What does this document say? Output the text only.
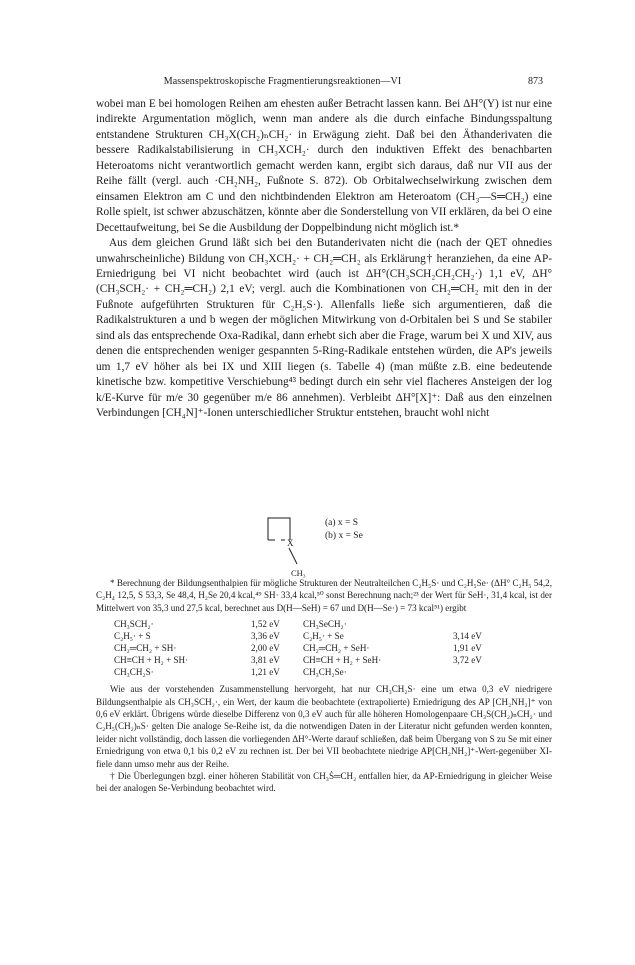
Massenspektroskopische Fragmentierungsreaktionen—VI	873

wobei man E bei homologen Reihen am ehesten außer Betracht lassen kann. Bei ΔH°(Y) ist nur eine indirekte Argumentation möglich, wenn man andere als die durch einfache Bindungsspaltung entstandene Strukturen CH₃X(CH₂)ₙCH₂· in Erwägung zieht. Daß bei den Äthanderivaten die bessere Radikalstabilisierung in CH₃XCH₂· durch den induktiven Effekt des benachbarten Heteroatoms nicht verantwortlich gemacht werden kann, ergibt sich daraus, daß nur VII aus der Reihe fällt (vergl. auch ·CH₂NH₂, Fußnote S. 872). Ob Orbitalwechselwirkung zwischen dem einsamen Elektron am C und den nichtbindenden Elektron am Heteroatom (CH₃—S═CH₂) eine Rolle spielt, ist schwer abzuschätzen, könnte aber die Sonderstellung von VII erklären, da bei O eine Decettaufweitung, bei Se die Ausbildung der Doppelbindung nicht möglich ist.*

Aus dem gleichen Grund läßt sich bei den Butanderivaten nicht die (nach der QET ohnedies unwahrscheinliche) Bildung von CH₃XCH₂· + CH₂═CH₂ als Erklärung† heranziehen, da eine AP-Erniedrigung bei VI nicht beobachtet wird (auch ist ΔH°(CH₃SCH₂CH₂CH₂·) 1,1 eV, ΔH°(CH₃SCH₂· + CH₂═CH₂) 2,1 eV; vergl. auch die Kombinationen von CH₂═CH₂ mit den in der Fußnote aufgeführten Strukturen für C₂H₅S·). Allenfalls ließe sich argumentieren, daß die Radikalstrukturen a und b wegen der möglichen Mitwirkung von d-Orbitalen bei S und Se stabiler sind als das entsprechende Oxa-Radikal, dann erhebt sich aber die Frage, warum bei X und XIV, aus denen die entsprechenden weniger gespannten 5-Ring-Radikale entstehen würden, die AP's jeweils um 1,7 eV höher als bei IX und XIII liegen (s. Tabelle 4) (man müßte z.B. eine bedeutende kinetische bzw. kompetitive Verschiebung⁴³ bedingt durch ein sehr viel flacheres Ansteigen der log k/E-Kurve für m/e 30 gegenüber m/e 86 annehmen). Verbleibt ΔH°[X]⁺: Daß aus den einzelnen Verbindungen [CH₄N]⁺-Ionen unterschiedlicher Struktur entstehen, braucht wohl nicht

X
CH₃
(a) x = S
(b) x = Se

* Berechnung der Bildungsenthalpien für mögliche Strukturen der Neutralteilchen C₂H₅S· und C₂H₅Se· (ΔH° C₂H₅ 54,2, C₂H₄ 12,5, S 53,3, Se 48,4, H₂Se 20,4 kcal,⁴⁹ SH· 33,4 kcal,⁵⁰ sonst Berechnung nach;²³ der Wert für SeH·, 31,4 kcal, ist der Mittelwert von 35,3 und 27,5 kcal, berechnet aus D(H—SeH) = 67 und D(H—Se·) = 73 kcal⁵¹) ergibt

CH₃SCH₂·	1,52 eV	CH₃SeCH₂·	
C₂H₅· + S	3,36 eV	C₂H₅· + Se	3,14 eV
CH₂═CH₂ + SH·	2,00 eV	CH₂═CH₂ + SeH·	1,91 eV
CH≡CH + H₂ + SH·	3,81 eV	CH≡CH + H₂ + SeH·	3,72 eV
CH₃CH₂S·	1,21 eV	CH₃CH₂Se·	

Wie aus der vorstehenden Zusammenstellung hervorgeht, hat nur CH₃CH₂S· eine um etwa 0,3 eV niedrigere Bildungsenthalpie als CH₃SCH₂·, ein Wert, der kaum die beobachtete (extrapolierte) Erniedrigung des AP [CH₂NH₂]⁺ von 0,6 eV erklärt. Übrigens würde dieselbe Differenz von 0,3 eV auch für alle höheren Homologenpaare CH₃S(CH₂)ₙCH₂· und C₂H₅(CH₂)ₙS· gelten Die analoge Se-Reihe ist, da die notwendigen Daten in der Literatur nicht gefunden werden konnten, leider nicht vollständig, doch lassen die vorliegenden ΔH°-Werte darauf schließen, daß beim Übergang von S zu Se mit einer Erniedrigung von etwa 0,1 bis 0,2 eV zu rechnen ist. Der bei VII beobachtete niedrige AP[CH₂NH₂]⁺-Wert-gegenüber XI-fiele dann umso mehr aus der Reihe.

† Die Überlegungen bzgl. einer höheren Stabilität von CH₃Ṡ═CH₂ entfallen hier, da AP-Erniedrigung in gleicher Weise bei der analogen Se-Verbindung beobachtet wird.
